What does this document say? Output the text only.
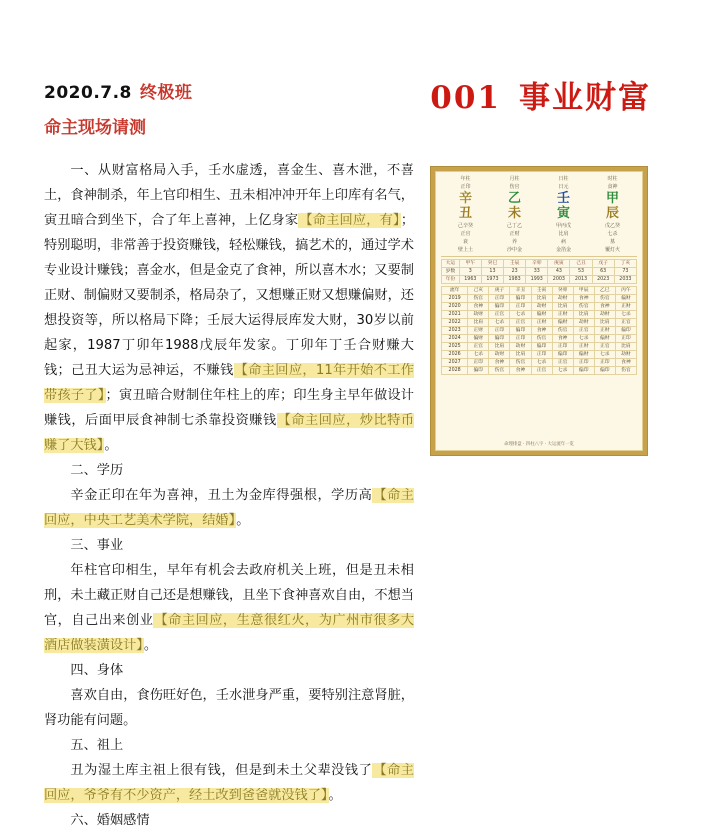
2020.7.8 终极班
命主现场请测
001 事业财富

一、从财富格局入手，壬水虚透，喜金生、喜木泄，不喜土，食神制杀，年上官印相生、丑未相冲冲开年上印库有名气，寅丑暗合到坐下，合了年上喜神，上亿身家【命主回应，有】；特别聪明，非常善于投资赚钱，轻松赚钱，搞艺术的，通过学术专业设计赚钱；喜金水，但是金克了食神，所以喜木水；又要制正财、制偏财又要制杀，格局杂了，又想赚正财又想赚偏财，还想投资等，所以格局下降；壬辰大运得辰库发大财，30岁以前起家，1987丁卯年1988戊辰年发家。丁卯年丁壬合财赚大钱；己丑大运为忌神运，不赚钱【命主回应，11年开始不工作带孩子了】；寅丑暗合财制住年柱上的库；印生身主早年做设计赚钱，后面甲辰食神制七杀靠投资赚钱【命主回应，炒比特币赚了大钱】。

二、学历

辛金正印在年为喜神，丑土为金库得强根，学历高【命主回应，中央工艺美术学院，结婚】。

三、事业

年柱官印相生，早年有机会去政府机关上班，但是丑未相刑，未土藏正财自己还是想赚钱，且坐下食神喜欢自由，不想当官，自己出来创业【命主回应，生意很红火，为广州市很多大酒店做装潢设计】。

四、身体

喜欢自由，食伤旺好色，壬水泄身严重，要特别注意肾脏，肾功能有问题。

五、祖上

丑为湿土库主祖上很有钱，但是到未土父辈没钱了【命主回应，爷爷有不少资产，经土改到爸爸就没钱了】。

六、婚姻感情

年柱	月柱	日柱	时柱
正印	伤官	日元	食神
辛	乙	壬	甲
丑	未	寅	辰
己辛癸	己丁乙	甲丙戊	戊乙癸
正官	正财	比肩	七杀
衰	养	病	墓
壁上土	沙中金	金箔金	覆灯火
大运	甲午	癸巳	壬辰	辛卯	庚寅	己丑	戊子	丁亥
岁数	3	13	23	33	43	53	63	73
年份	1963	1973	1983	1993	2003	2013	2023	2033
流年	己亥	庚子	辛丑	壬寅	癸卯	甲辰	乙巳	丙午
2019	伤官	正印	偏印	比肩	劫财	食神	伤官	偏财
2020	食神	偏印	正印	劫财	比肩	伤官	食神	正财
2021	劫财	正官	七杀	偏财	正财	比肩	劫财	七杀
2022	比肩	七杀	正官	正财	偏财	劫财	比肩	正官
2023	正财	正印	偏印	食神	伤官	正官	正财	偏印
2024	偏财	偏印	正印	伤官	食神	七杀	偏财	正印
2025	正官	比肩	劫财	偏印	正印	正财	正官	比肩
2026	七杀	劫财	比肩	正印	偏印	偏财	七杀	劫财
2027	正印	食神	伤官	七杀	正官	正印	正印	食神
2028	偏印	伤官	食神	正官	七杀	偏印	偏印	伤官
命理排盘 · 四柱八字 · 大运流年一览
